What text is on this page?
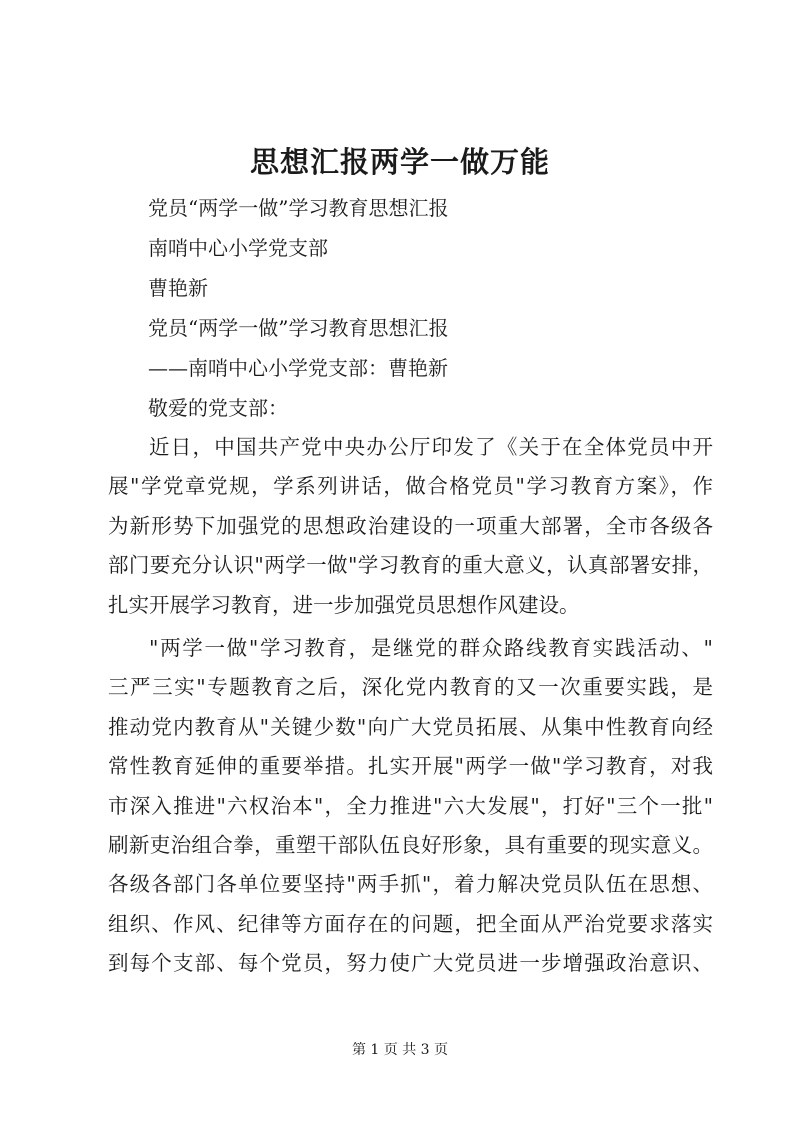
思想汇报两学一做万能
党员“两学一做”学习教育思想汇报
南哨中心小学党支部
曹艳新
党员“两学一做”学习教育思想汇报
——南哨中心小学党支部：曹艳新
敬爱的党支部：
近日，中国共产党中央办公厅印发了《关于在全体党员中开
展"学党章党规，学系列讲话，做合格党员"学习教育方案》，作
为新形势下加强党的思想政治建设的一项重大部署，全市各级各
部门要充分认识"两学一做"学习教育的重大意义，认真部署安排，
扎实开展学习教育，进一步加强党员思想作风建设。
"两学一做"学习教育，是继党的群众路线教育实践活动、"
三严三实"专题教育之后，深化党内教育的又一次重要实践，是
推动党内教育从"关键少数"向广大党员拓展、从集中性教育向经
常性教育延伸的重要举措。扎实开展"两学一做"学习教育，对我
市深入推进"六权治本"，全力推进"六大发展"，打好"三个一批"
刷新吏治组合拳，重塑干部队伍良好形象，具有重要的现实意义。
各级各部门各单位要坚持"两手抓"，着力解决党员队伍在思想、
组织、作风、纪律等方面存在的问题，把全面从严治党要求落实
到每个支部、每个党员，努力使广大党员进一步增强政治意识、
第 1 页 共 3 页
